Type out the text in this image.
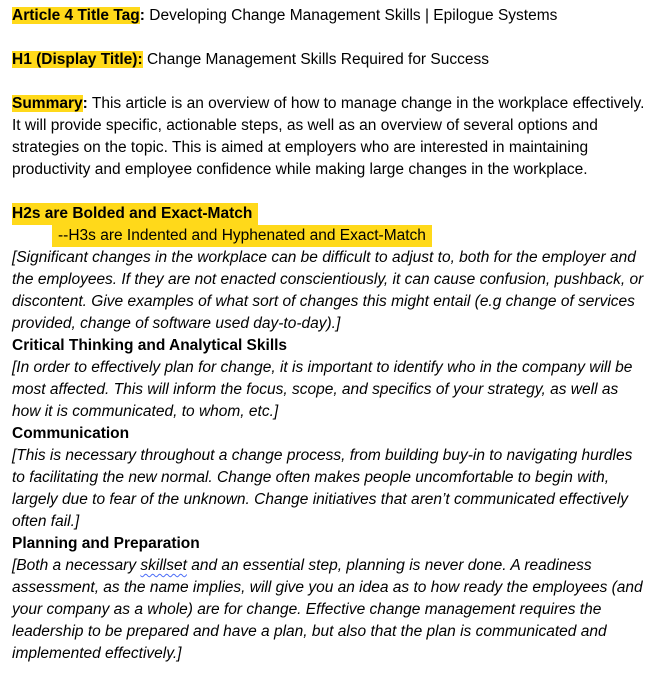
Article 4 Title Tag: Developing Change Management Skills | Epilogue Systems

H1 (Display Title): Change Management Skills Required for Success

Summary: This article is an overview of how to manage change in the workplace effectively. It will provide specific, actionable steps, as well as an overview of several options and strategies on the topic. This is aimed at employers who are interested in maintaining productivity and employee confidence while making large changes in the workplace.

H2s are Bolded and Exact-Match
--H3s are Indented and Hyphenated and Exact-Match

[Significant changes in the workplace can be difficult to adjust to, both for the employer and the employees. If they are not enacted conscientiously, it can cause confusion, pushback, or discontent. Give examples of what sort of changes this might entail (e.g change of services provided, change of software used day-to-day).]

Critical Thinking and Analytical Skills

[In order to effectively plan for change, it is important to identify who in the company will be most affected. This will inform the focus, scope, and specifics of your strategy, as well as how it is communicated, to whom, etc.]

Communication

[This is necessary throughout a change process, from building buy-in to navigating hurdles to facilitating the new normal. Change often makes people uncomfortable to begin with, largely due to fear of the unknown. Change initiatives that aren’t communicated effectively often fail.]

Planning and Preparation

[Both a necessary skillset and an essential step, planning is never done. A readiness assessment, as the name implies, will give you an idea as to how ready the employees (and your company as a whole) are for change. Effective change management requires the leadership to be prepared and have a plan, but also that the plan is communicated and implemented effectively.]
